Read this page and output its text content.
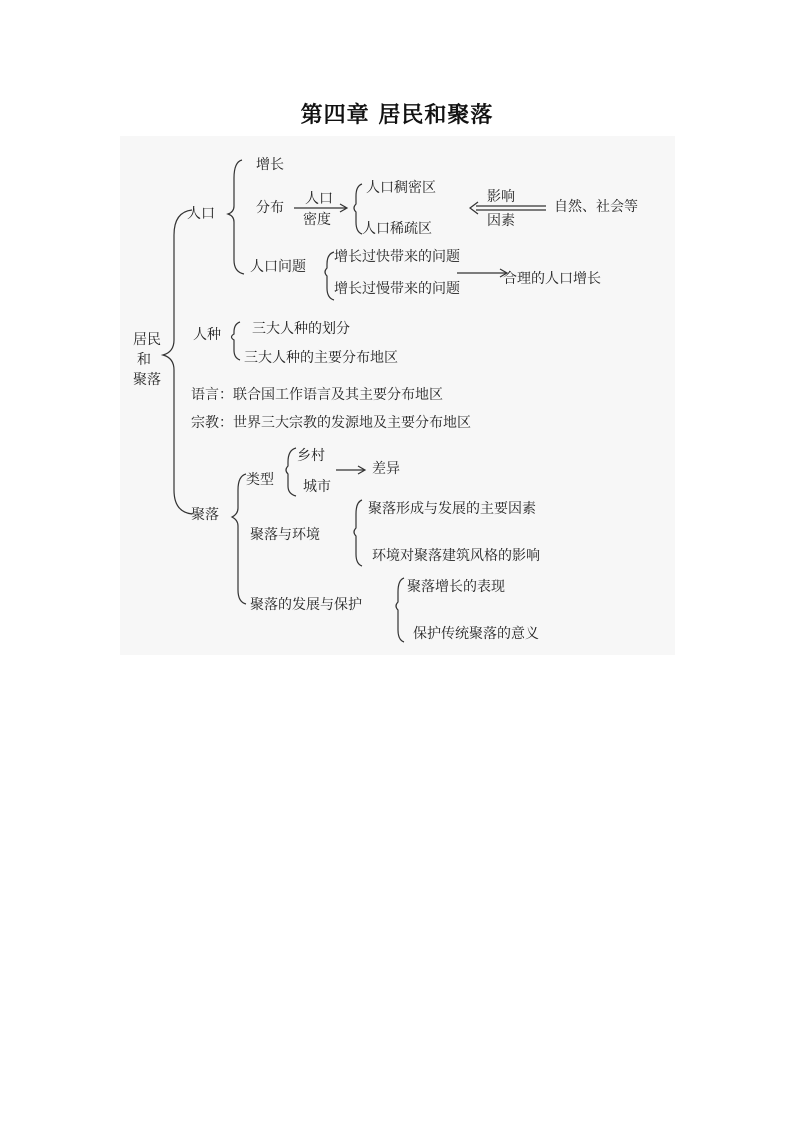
第四章 居民和聚落
居民
和
聚落
人口
增长
分布
人口
密度
人口稠密区
人口稀疏区
影响
因素
自然、社会等
人口问题
增长过快带来的问题
增长过慢带来的问题
合理的人口增长
人种 三大人种的划分
三大人种的主要分布地区
语言：联合国工作语言及其主要分布地区
宗教：世界三大宗教的发源地及主要分布地区
聚落
类型
乡村
城市
差异
聚落与环境
聚落形成与发展的主要因素
环境对聚落建筑风格的影响
聚落的发展与保护
聚落增长的表现
保护传统聚落的意义
